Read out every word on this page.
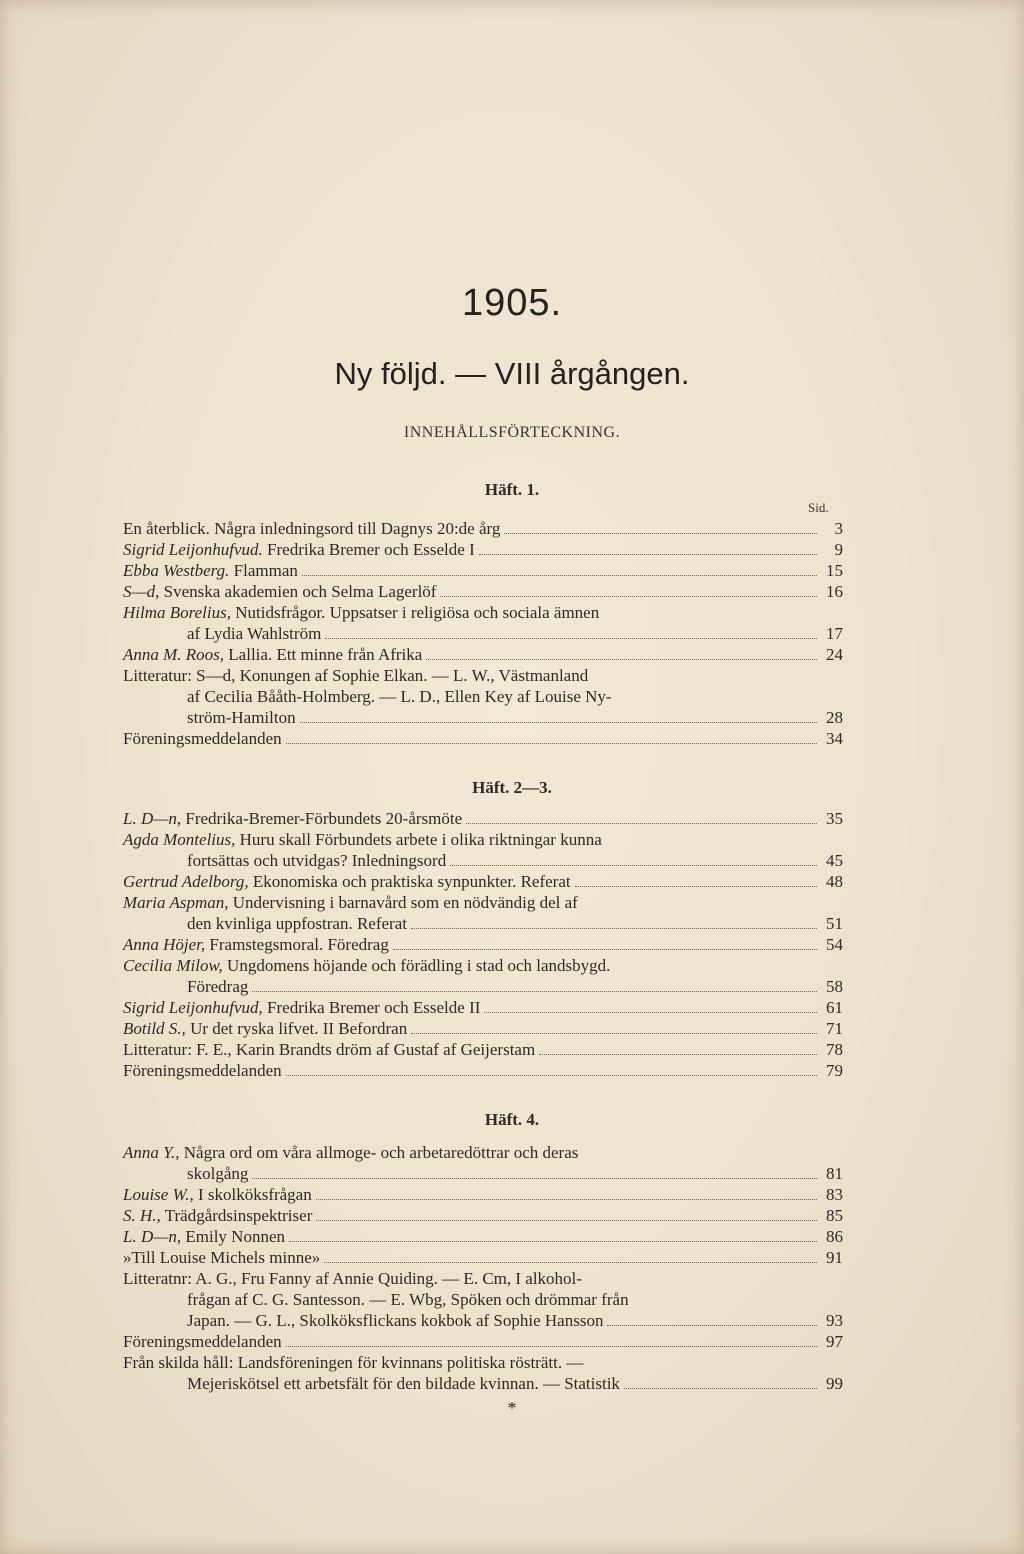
1905.
Ny följd. — VIII årgången.
INNEHÅLLSFÖRTECKNING.
Häft. 1.
Sid.
En återblick. Några inledningsord till Dagnys 20:de årg	3
Sigrid Leijonhufvud. Fredrika Bremer och Esselde I	9
Ebba Westberg. Flamman	15
S—d, Svenska akademien och Selma Lagerlöf	16
Hilma Borelius, Nutidsfrågor. Uppsatser i religiösa och sociala ämnen
af Lydia Wahlström	17
Anna M. Roos, Lallia. Ett minne från Afrika	24
Litteratur: S—d, Konungen af Sophie Elkan. — L. W., Västmanland
af Cecilia Bååth-Holmberg. — L. D., Ellen Key af Louise Ny-
ström-Hamilton	28
Föreningsmeddelanden	34
Häft. 2—3.
L. D—n, Fredrika-Bremer-Förbundets 20-årsmöte	35
Agda Montelius, Huru skall Förbundets arbete i olika riktningar kunna
fortsättas och utvidgas? Inledningsord	45
Gertrud Adelborg, Ekonomiska och praktiska synpunkter. Referat	48
Maria Aspman, Undervisning i barnavård som en nödvändig del af
den kvinliga uppfostran. Referat	51
Anna Höjer, Framstegsmoral. Föredrag	54
Cecilia Milow, Ungdomens höjande och förädling i stad och landsbygd.
Föredrag	58
Sigrid Leijonhufvud, Fredrika Bremer och Esselde II	61
Botild S., Ur det ryska lifvet. II Befordran	71
Litteratur: F. E., Karin Brandts dröm af Gustaf af Geijerstam	78
Föreningsmeddelanden	79
Häft. 4.
Anna Y., Några ord om våra allmoge- och arbetaredöttrar och deras
skolgång	81
Louise W., I skolköksfrågan	83
S. H., Trädgårdsinspektriser	85
L. D—n, Emily Nonnen	86
»Till Louise Michels minne»	91
Litteratnr: A. G., Fru Fanny af Annie Quiding. — E. Cm, I alkohol-
frågan af C. G. Santesson. — E. Wbg, Spöken och drömmar från
Japan. — G. L., Skolköksflickans kokbok af Sophie Hansson	93
Föreningsmeddelanden	97
Från skilda håll: Landsföreningen för kvinnans politiska rösträtt. —
Mejeriskötsel ett arbetsfält för den bildade kvinnan. — Statistik	99
*
